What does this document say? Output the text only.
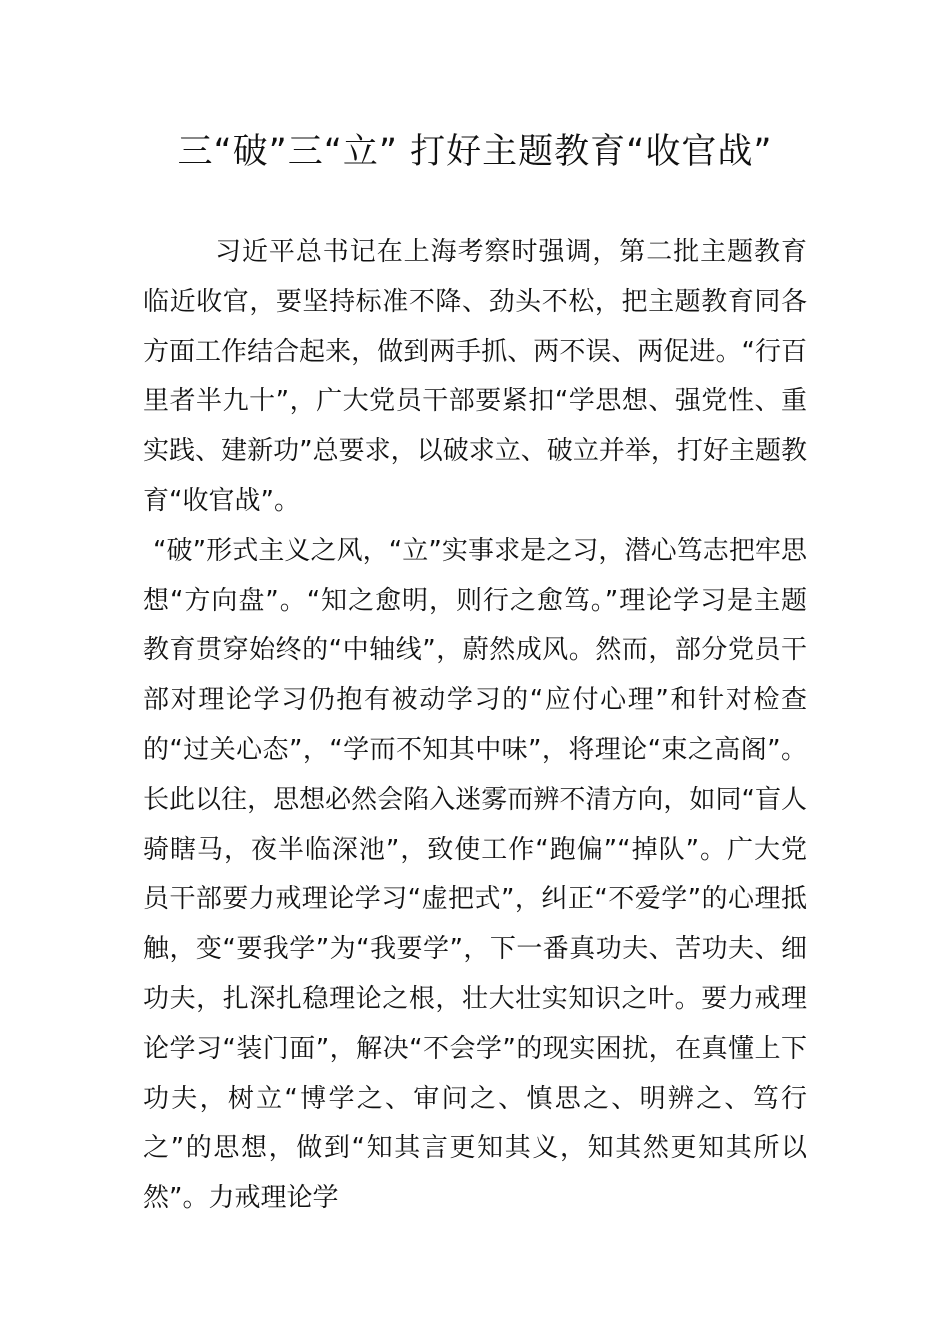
三“破”三“立” 打好主题教育“收官战”

习近平总书记在上海考察时强调，第二批主题教育临近收官，要坚持标准不降、劲头不松，把主题教育同各方面工作结合起来，做到两手抓、两不误、两促进。“行百里者半九十”，广大党员干部要紧扣“学思想、强党性、重实践、建新功”总要求，以破求立、破立并举，打好主题教育“收官战”。

“破”形式主义之风，“立”实事求是之习，潜心笃志把牢思想“方向盘”。“知之愈明，则行之愈笃。”理论学习是主题教育贯穿始终的“中轴线”，蔚然成风。然而，部分党员干部对理论学习仍抱有被动学习的“应付心理”和针对检查的“过关心态”，“学而不知其中味”，将理论“束之高阁”。长此以往，思想必然会陷入迷雾而辨不清方向，如同“盲人骑瞎马，夜半临深池”，致使工作“跑偏”“掉队”。广大党员干部要力戒理论学习“虚把式”，纠正“不爱学”的心理抵触，变“要我学”为“我要学”，下一番真功夫、苦功夫、细功夫，扎深扎稳理论之根，壮大壮实知识之叶。要力戒理论学习“装门面”，解决“不会学”的现实困扰，在真懂上下功夫，树立“博学之、审问之、慎思之、明辨之、笃行之”的思想，做到“知其言更知其义，知其然更知其所以然”。力戒理论学
